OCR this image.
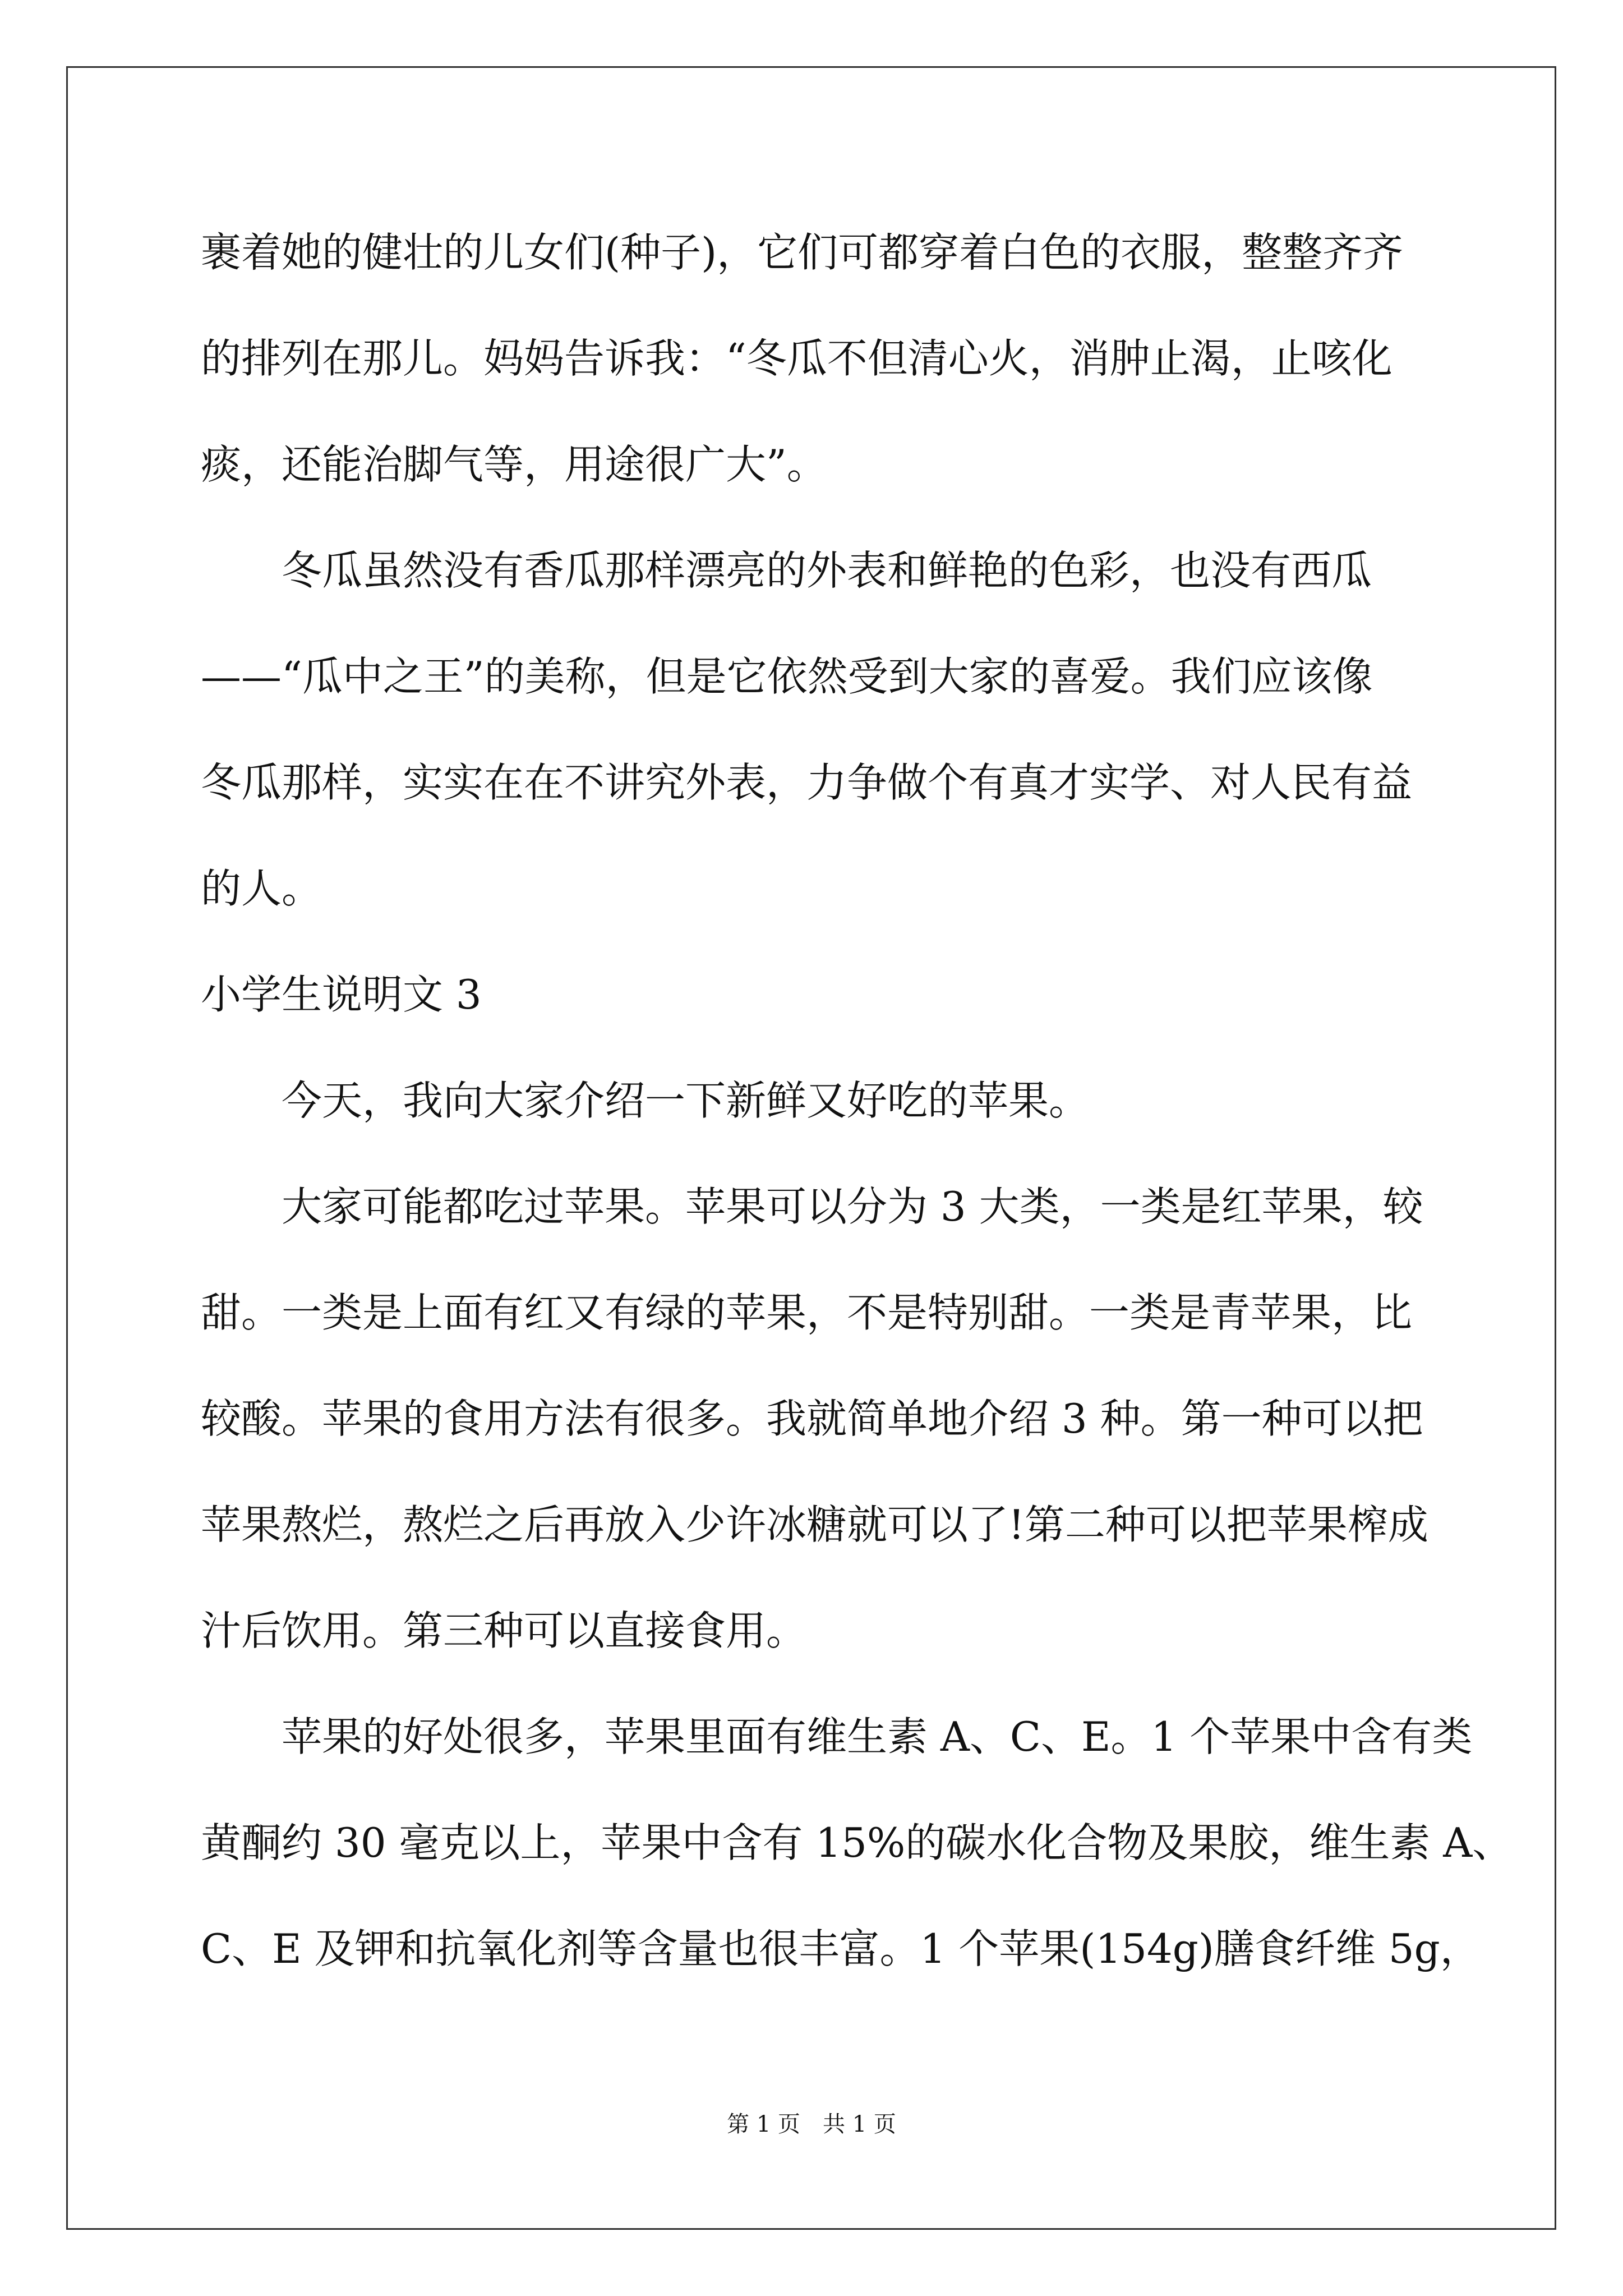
裹着她的健壮的儿女们(种子)，它们可都穿着白色的衣服，整整齐齐

的排列在那儿。妈妈告诉我：“冬瓜不但清心火，消肿止渴，止咳化

痰，还能治脚气等，用途很广大”。

　　冬瓜虽然没有香瓜那样漂亮的外表和鲜艳的色彩，也没有西瓜

——“瓜中之王”的美称，但是它依然受到大家的喜爱。我们应该像

冬瓜那样，实实在在不讲究外表，力争做个有真才实学、对人民有益

的人。

小学生说明文 3

　　今天，我向大家介绍一下新鲜又好吃的苹果。

　　大家可能都吃过苹果。苹果可以分为 3 大类，一类是红苹果，较

甜。一类是上面有红又有绿的苹果，不是特别甜。一类是青苹果，比

较酸。苹果的食用方法有很多。我就简单地介绍 3 种。第一种可以把

苹果熬烂，熬烂之后再放入少许冰糖就可以了!第二种可以把苹果榨成

汁后饮用。第三种可以直接食用。

　　苹果的好处很多，苹果里面有维生素 A、C、E。1 个苹果中含有类

黄酮约 30 毫克以上，苹果中含有 15%的碳水化合物及果胶，维生素 A、

C、E 及钾和抗氧化剂等含量也很丰富。1 个苹果(154g)膳食纤维 5g，

第 1 页　共 1 页
